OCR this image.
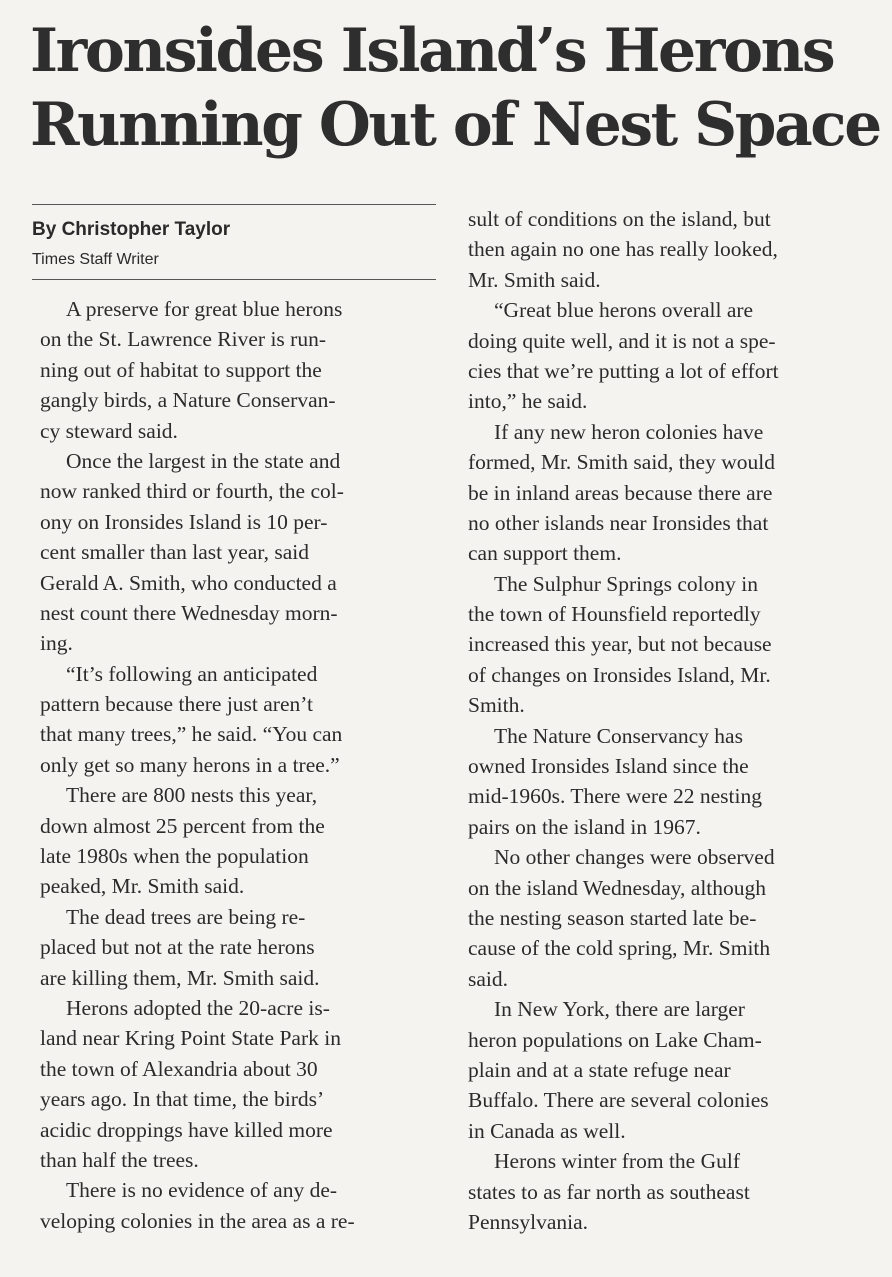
Ironsides Island’s Herons
Running Out of Nest Space
By Christopher Taylor
Times Staff Writer
A preserve for great blue herons
on the St. Lawrence River is run-
ning out of habitat to support the
gangly birds, a Nature Conservan-
cy steward said.
Once the largest in the state and
now ranked third or fourth, the col-
ony on Ironsides Island is 10 per-
cent smaller than last year, said
Gerald A. Smith, who conducted a
nest count there Wednesday morn-
ing.
“It’s following an anticipated
pattern because there just aren’t
that many trees,” he said. “You can
only get so many herons in a tree.”
There are 800 nests this year,
down almost 25 percent from the
late 1980s when the population
peaked, Mr. Smith said.
The dead trees are being re-
placed but not at the rate herons
are killing them, Mr. Smith said.
Herons adopted the 20-acre is-
land near Kring Point State Park in
the town of Alexandria about 30
years ago. In that time, the birds’
acidic droppings have killed more
than half the trees.
There is no evidence of any de-
veloping colonies in the area as a re-
sult of conditions on the island, but
then again no one has really looked,
Mr. Smith said.
“Great blue herons overall are
doing quite well, and it is not a spe-
cies that we’re putting a lot of effort
into,” he said.
If any new heron colonies have
formed, Mr. Smith said, they would
be in inland areas because there are
no other islands near Ironsides that
can support them.
The Sulphur Springs colony in
the town of Hounsfield reportedly
increased this year, but not because
of changes on Ironsides Island, Mr.
Smith.
The Nature Conservancy has
owned Ironsides Island since the
mid-1960s. There were 22 nesting
pairs on the island in 1967.
No other changes were observed
on the island Wednesday, although
the nesting season started late be-
cause of the cold spring, Mr. Smith
said.
In New York, there are larger
heron populations on Lake Cham-
plain and at a state refuge near
Buffalo. There are several colonies
in Canada as well.
Herons winter from the Gulf
states to as far north as southeast
Pennsylvania.
